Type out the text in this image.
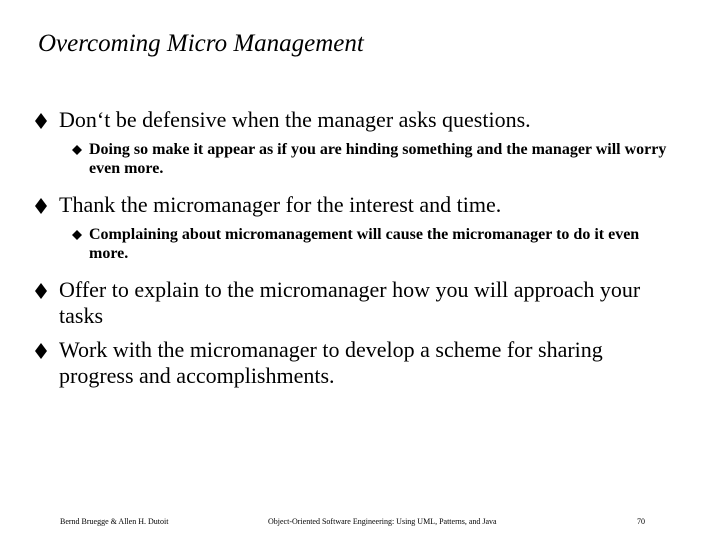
Overcoming Micro Management
Don‘t be defensive when the manager asks questions.
Doing so make it appear as if you are hinding something and the manager will worry even more.
Thank the micromanager for the interest and time.
Complaining about micromanagement will cause the micromanager to do it even more.
Offer to explain to the micromanager how you will approach your tasks
Work with the micromanager to develop a scheme for sharing progress and accomplishments.
Bernd Bruegge & Allen H. Dutoit	Object-Oriented Software Engineering: Using UML, Patterns, and Java	70
